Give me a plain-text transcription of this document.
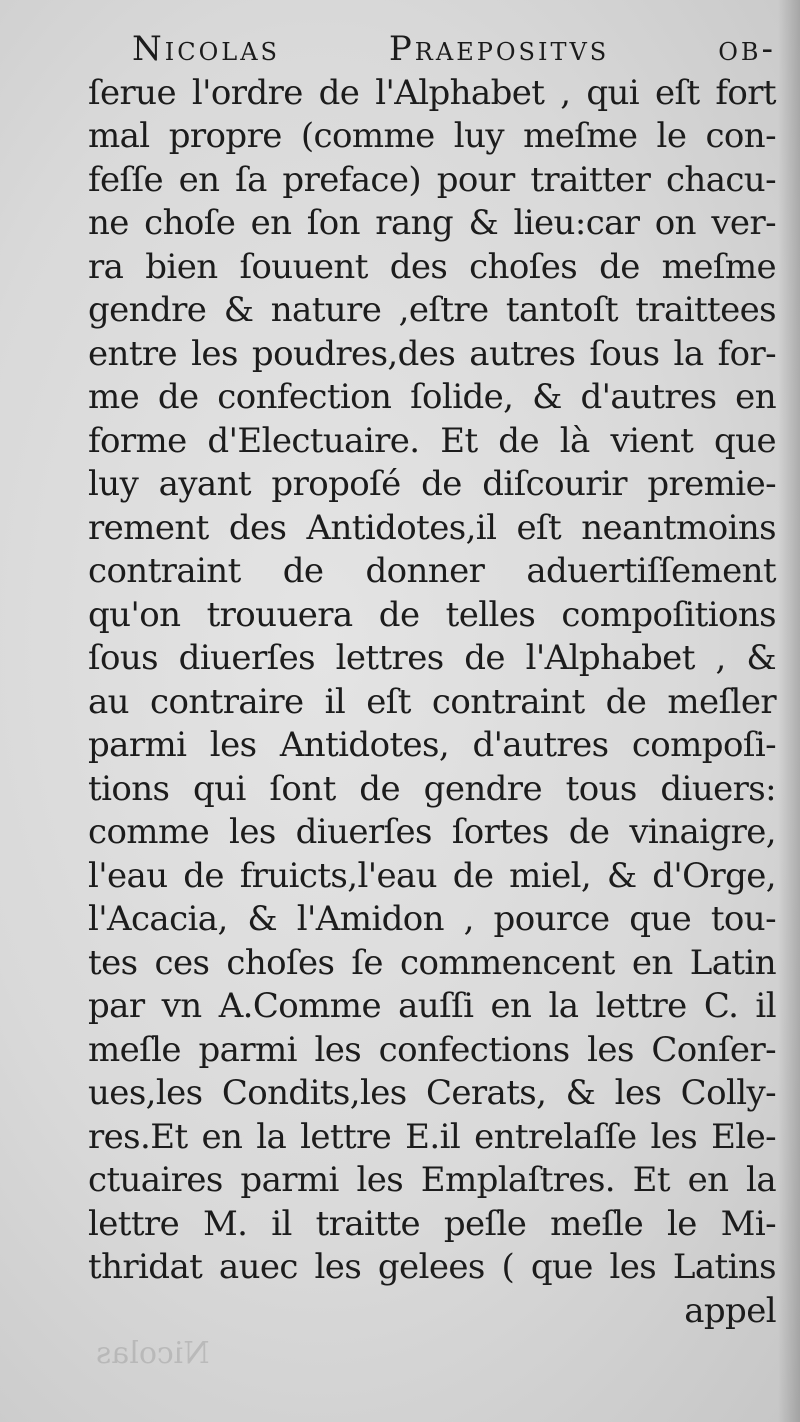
Nicolas
Nicolas Praepositvs ob-
ſerue l'ordre de l'Alphabet , qui eſt fort
mal propre (comme luy meſme le con-
feſſe en ſa preface) pour traitter chacu-
ne choſe en ſon rang & lieu:car on ver-
ra bien ſouuent des choſes de meſme
gendre & nature ,eſtre tantoſt traittees
entre les poudres,des autres ſous la for-
me de confection ſolide, & d'autres en
forme d'Electuaire. Et de là vient que
luy ayant propoſé de diſcourir premie-
rement des Antidotes,il eſt neantmoins
contraint de donner aduertiſſement
qu'on trouuera de telles compoſitions
ſous diuerſes lettres de l'Alphabet , &
au contraire il eſt contraint de meſler
parmi les Antidotes, d'autres compoſi-
tions qui ſont de gendre tous diuers:
comme les diuerſes ſortes de vinaigre,
l'eau de fruicts,l'eau de miel, & d'Orge,
l'Acacia, & l'Amidon , pource que tou-
tes ces choſes ſe commencent en Latin
par vn A.Comme auſſi en la lettre C. il
meſle parmi les confections les Conſer-
ues,les Condits,les Cerats, & les Colly-
res.Et en la lettre E.il entrelaſſe les Ele-
ctuaires parmi les Emplaſtres. Et en la
lettre M. il traitte peſle meſle le Mi-
thridat auec les gelees ( que les Latins
appel
